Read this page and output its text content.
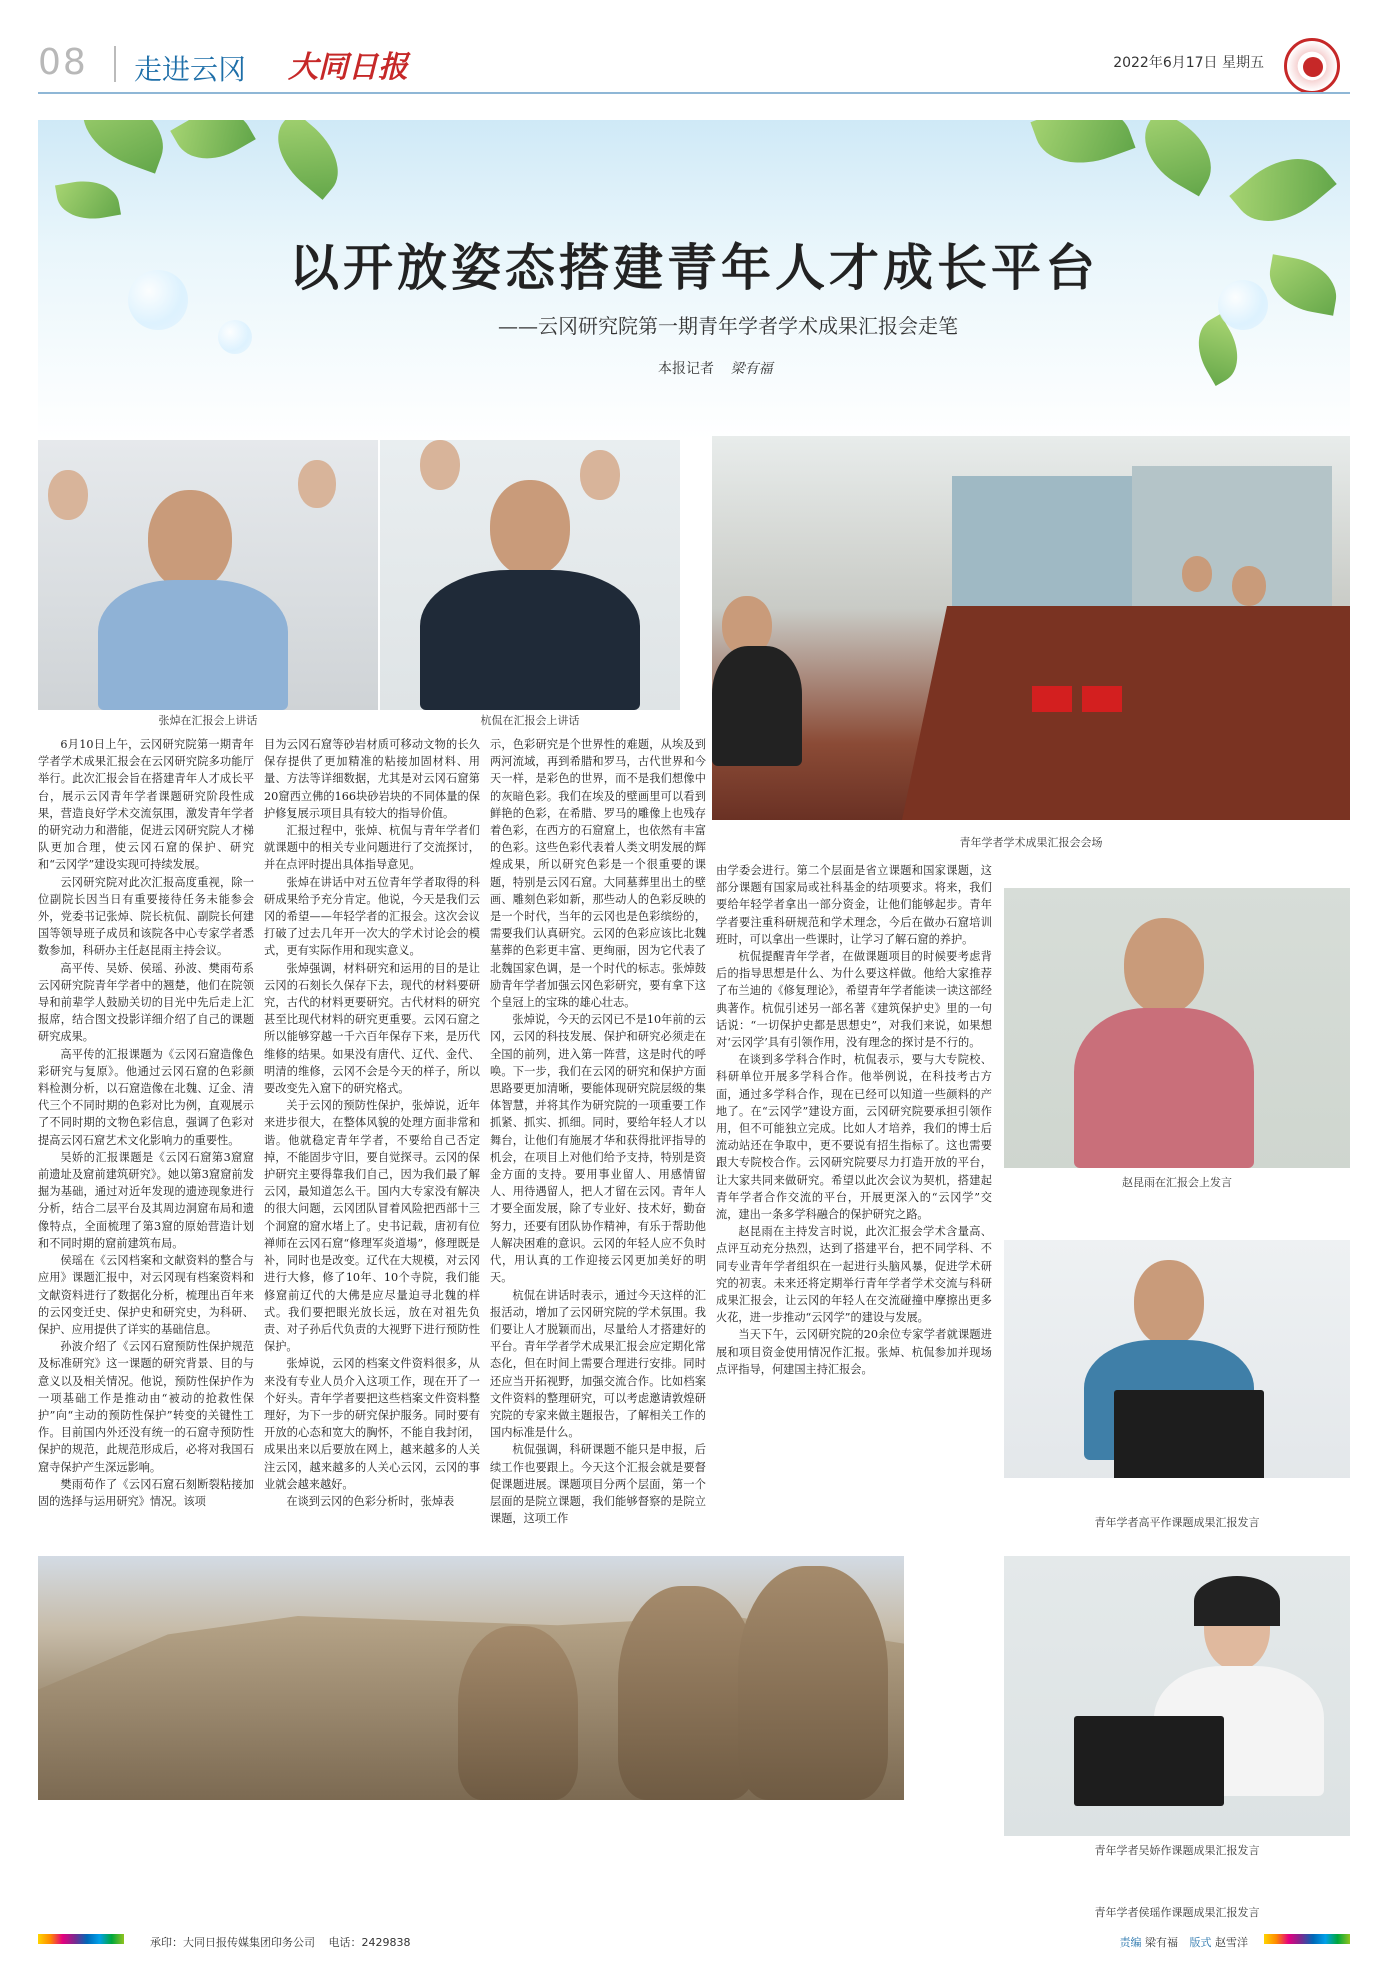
08 走进云冈 大同日报	2022年6月17日 星期五
以开放姿态搭建青年人才成长平台
——云冈研究院第一期青年学者学术成果汇报会走笔
本报记者 梁有福
张焯在汇报会上讲话	杭侃在汇报会上讲话
青年学者学术成果汇报会会场

6月10日上午，云冈研究院第一期青年学者学术成果汇报会在云冈研究院多功能厅举行。此次汇报会旨在搭建青年人才成长平台，展示云冈青年学者课题研究阶段性成果，营造良好学术交流氛围，激发青年学者的研究动力和潜能，促进云冈研究院人才梯队更加合理，使云冈石窟的保护、研究和“云冈学”建设实现可持续发展。

云冈研究院对此次汇报高度重视，除一位副院长因当日有重要接待任务未能参会外，党委书记张焯、院长杭侃、副院长何建国等领导班子成员和该院各中心专家学者悉数参加，科研办主任赵昆雨主持会议。

高平传、吴娇、侯瑶、孙波、樊雨苟系云冈研究院青年学者中的翘楚，他们在院领导和前辈学人鼓励关切的目光中先后走上汇报席，结合图文投影详细介绍了自己的课题研究成果。

高平传的汇报课题为《云冈石窟造像色彩研究与复原》。他通过云冈石窟的色彩颜料检测分析，以石窟造像在北魏、辽金、清代三个不同时期的色彩对比为例，直观展示了不同时期的文物色彩信息，强调了色彩对提高云冈石窟艺术文化影响力的重要性。

吴娇的汇报课题是《云冈石窟第3窟窟前遗址及窟前建筑研究》。她以第3窟窟前发掘为基础，通过对近年发现的遗迹现象进行分析，结合二层平台及其周边洞窟布局和遗像特点，全面梳理了第3窟的原始营造计划和不同时期的窟前建筑布局。

侯瑶在《云冈档案和文献资料的整合与应用》课题汇报中，对云冈现有档案资料和文献资料进行了数据化分析，梳理出百年来的云冈变迁史、保护史和研究史，为科研、保护、应用提供了详实的基础信息。

孙波介绍了《云冈石窟预防性保护规范及标准研究》这一课题的研究背景、目的与意义以及相关情况。他说，预防性保护作为一项基础工作是推动由“被动的抢救性保护”向“主动的预防性保护”转变的关键性工作。目前国内外还没有统一的石窟寺预防性保护的规范，此规范形成后，必将对我国石窟寺保护产生深远影响。

樊雨苟作了《云冈石窟石刻断裂粘接加固的选择与运用研究》情况。该项

目为云冈石窟等砂岩材质可移动文物的长久保存提供了更加精准的粘接加固材料、用量、方法等详细数据，尤其是对云冈石窟第20窟西立佛的166块砂岩块的不同体量的保护修复展示项目具有较大的指导价值。

汇报过程中，张焯、杭侃与青年学者们就课题中的相关专业问题进行了交流探讨，并在点评时提出具体指导意见。

张焯在讲话中对五位青年学者取得的科研成果给予充分肯定。他说，今天是我们云冈的希望——年轻学者的汇报会。这次会议打破了过去几年开一次大的学术讨论会的模式，更有实际作用和现实意义。

张焯强调，材料研究和运用的目的是让云冈的石刻长久保存下去，现代的材料要研究，古代的材料更要研究。古代材料的研究甚至比现代材料的研究更重要。云冈石窟之所以能够穿越一千六百年保存下来，是历代维修的结果。如果没有唐代、辽代、金代、明清的维修，云冈不会是今天的样子，所以要改变先入窟下的研究格式。

关于云冈的预防性保护，张焯说，近年来进步很大，在整体风貌的处理方面非常和谐。他就稳定青年学者，不要给自己否定掉，不能固步守旧，要自觉探寻。云冈的保护研究主要得靠我们自己，因为我们最了解云冈，最知道怎么干。国内大专家没有解决的很大问题，云冈团队冒着风险把西部十三个洞窟的窟水堵上了。史书记载，唐初有位禅师在云冈石窟“修理军炎道場”，修理既是补，同时也是改变。辽代在大规模，对云冈进行大修，修了10年、10个寺院，我们能修窟前辽代的大佛是应尽量迫寻北魏的样式。我们要把眼光放长远，放在对祖先负责、对子孙后代负责的大视野下进行预防性保护。

张焯说，云冈的档案文件资料很多，从来没有专业人员介入这项工作，现在开了一个好头。青年学者要把这些档案文件资料整理好，为下一步的研究保护服务。同时要有开放的心态和宽大的胸怀，不能自我封闭，成果出来以后要放在网上，越来越多的人关注云冈，越来越多的人关心云冈，云冈的事业就会越来越好。

在谈到云冈的色彩分析时，张焯表

示，色彩研究是个世界性的难题，从埃及到两河流域，再到希腊和罗马，古代世界和今天一样，是彩色的世界，而不是我们想像中的灰暗色彩。我们在埃及的壁画里可以看到鲜艳的色彩，在希腊、罗马的雕像上也残存着色彩，在西方的石窟窟上，也依然有丰富的色彩。这些色彩代表着人类文明发展的辉煌成果，所以研究色彩是一个很重要的课题，特别是云冈石窟。大同墓葬里出土的壁画、雕刻色彩如新，那些动人的色彩反映的是一个时代，当年的云冈也是色彩缤纷的，需要我们认真研究。云冈的色彩应该比北魏墓葬的色彩更丰富、更绚丽，因为它代表了北魏国家色调，是一个时代的标志。张焯鼓励青年学者加强云冈色彩研究，要有拿下这个皇冠上的宝珠的雄心壮志。

张焯说，今天的云冈已不是10年前的云冈，云冈的科技发展、保护和研究必须走在全国的前列，进入第一阵营，这是时代的呼唤。下一步，我们在云冈的研究和保护方面思路要更加清晰，要能体现研究院层级的集体智慧，并将其作为研究院的一项重要工作抓紧、抓实、抓细。同时，要给年轻人才以舞台，让他们有施展才华和获得批评指导的机会，在项目上对他们给予支持，特别是资金方面的支持。要用事业留人、用感情留人、用待遇留人，把人才留在云冈。青年人才要全面发展，除了专业好、技术好，勤奋努力，还要有团队协作精神，有乐于帮助他人解决困难的意识。云冈的年轻人应不负时代，用认真的工作迎接云冈更加美好的明天。

杭侃在讲话时表示，通过今天这样的汇报活动，增加了云冈研究院的学术氛围。我们要让人才脱颖而出，尽量给人才搭建好的平台。青年学者学术成果汇报会应定期化常态化，但在时间上需要合理进行安排。同时还应当开拓视野，加强交流合作。比如档案文件资料的整理研究，可以考虑邀请敦煌研究院的专家来做主题报告，了解相关工作的国内标准是什么。

杭侃强调，科研课题不能只是申报，后续工作也要跟上。今天这个汇报会就是要督促课题进展。课题项目分两个层面，第一个层面的是院立课题，我们能够督察的是院立课题，这项工作

由学委会进行。第二个层面是省立课题和国家课题，这部分课题有国家局或社科基金的结项要求。将来，我们要给年轻学者拿出一部分资金，让他们能够起步。青年学者要注重科研规范和学术理念，今后在做办石窟培训班时，可以拿出一些课时，让学习了解石窟的养护。

杭侃提醒青年学者，在做课题项目的时候要考虑背后的指导思想是什么、为什么要这样做。他给大家推荐了布兰迪的《修复理论》，希望青年学者能读一读这部经典著作。杭侃引述另一部名著《建筑保护史》里的一句话说：“一切保护史都是思想史”，对我们来说，如果想对‘云冈学’具有引领作用，没有理念的探讨是不行的。

在谈到多学科合作时，杭侃表示，要与大专院校、科研单位开展多学科合作。他举例说，在科技考古方面，通过多学科合作，现在已经可以知道一些颜料的产地了。在“云冈学”建设方面，云冈研究院要承担引领作用，但不可能独立完成。比如人才培养，我们的博士后流动站还在争取中，更不要说有招生指标了。这也需要跟大专院校合作。云冈研究院要尽力打造开放的平台，让大家共同来做研究。希望以此次会议为契机，搭建起青年学者合作交流的平台，开展更深入的“云冈学”交流，建出一条多学科融合的保护研究之路。

赵昆雨在主持发言时说，此次汇报会学术含量高、点评互动充分热烈，达到了搭建平台，把不同学科、不同专业青年学者组织在一起进行头脑风暴，促进学术研究的初衷。未来还将定期举行青年学者学术交流与科研成果汇报会，让云冈的年轻人在交流碰撞中摩擦出更多火花，进一步推动“云冈学”的建设与发展。

当天下午，云冈研究院的20余位专家学者就课题进展和项目资金使用情况作汇报。张焯、杭侃参加并现场点评指导，何建国主持汇报会。

赵昆雨在汇报会上发言
青年学者高平作课题成果汇报发言
青年学者吴娇作课题成果汇报发言
承印：大同日报传媒集团印务公司 电话：2429838	责编 梁有福 版式 赵雪洋
青年学者侯瑶作课题成果汇报发言
